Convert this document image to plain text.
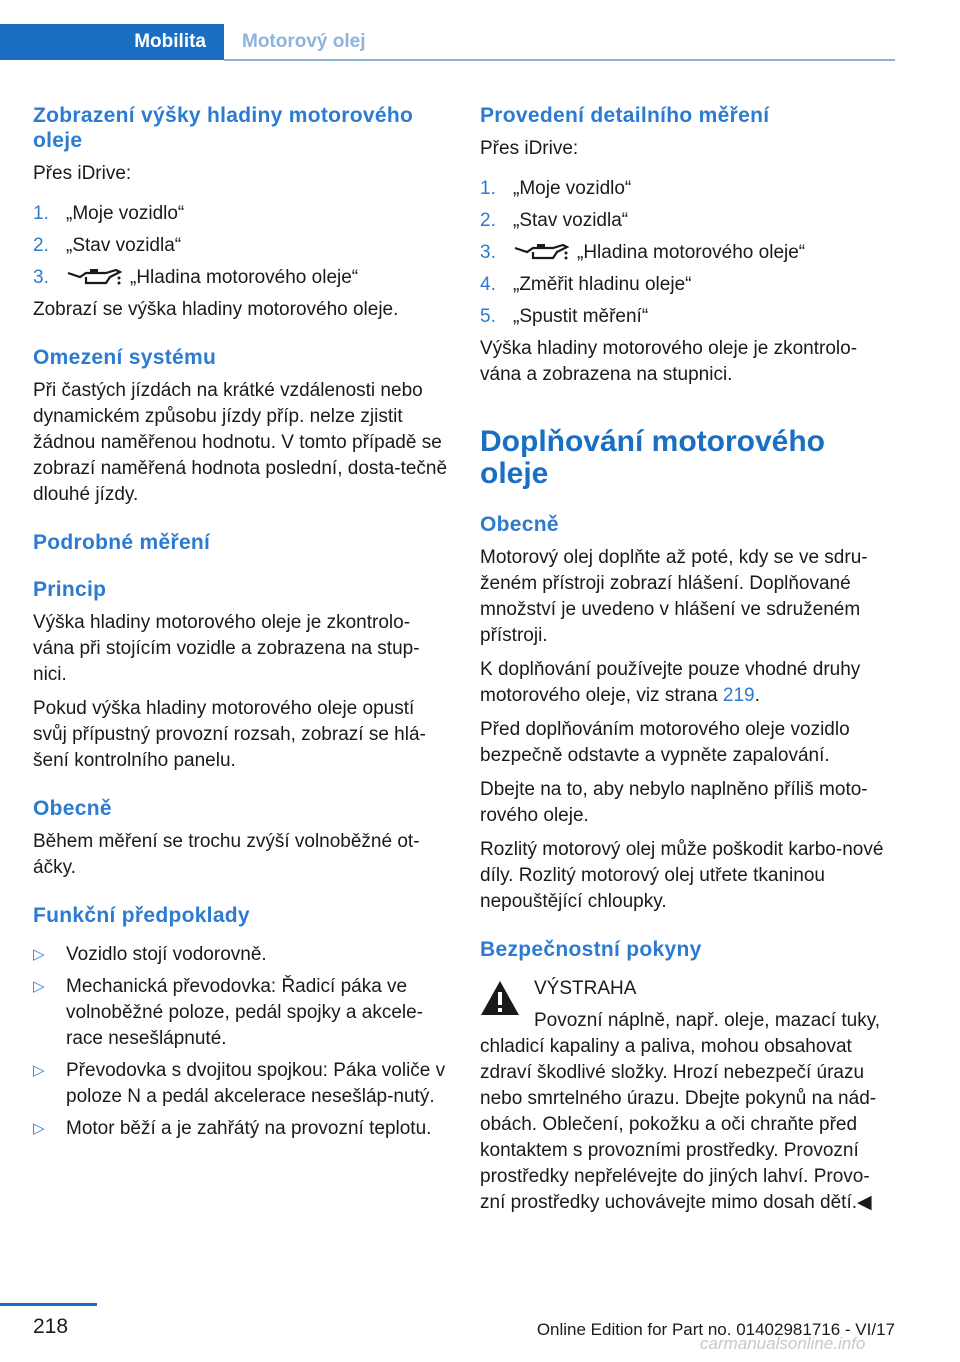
Mobilita	Motorový olej
Zobrazení výšky hladiny motorového oleje

Přes iDrive:

1. „Moje vozidlo“
2. „Stav vozidla“
3.	„Hladina motorového oleje“

Zobrazí se výška hladiny motorového oleje.

Omezení systému

Při častých jízdách na krátké vzdálenosti nebo dynamickém způsobu jízdy příp. nelze zjistit žádnou naměřenou hodnotu. V tomto případě se zobrazí naměřená hodnota poslední, dosta‐tečně dlouhé jízdy.

Podrobné měření
Princip

Výška hladiny motorového oleje je zkontrolo‐vána při stojícím vozidle a zobrazena na stup‐nici.

Pokud výška hladiny motorového oleje opustí svůj přípustný provozní rozsah, zobrazí se hlá‐šení kontrolního panelu.

Obecně

Během měření se trochu zvýší volnoběžné ot‐áčky.

Funkční předpoklady
▷ Vozidlo stojí vodorovně.
▷ Mechanická převodovka: Řadicí páka ve volnoběžné poloze, pedál spojky a akcele‐race nesešlápnuté.
▷ Převodovka s dvojitou spojkou: Páka voliče v poloze N a pedál akcelerace nesešláp‐nutý.
▷ Motor běží a je zahřátý na provozní teplotu.
Provedení detailního měření

Přes iDrive:

1. „Moje vozidlo“
2. „Stav vozidla“
3.	„Hladina motorového oleje“
4. „Změřit hladinu oleje“
5. „Spustit měření“

Výška hladiny motorového oleje je zkontrolo‐vána a zobrazena na stupnici.

Doplňování motorového oleje
Obecně

Motorový olej doplňte až poté, kdy se ve sdru‐ženém přístroji zobrazí hlášení. Doplňované množství je uvedeno v hlášení ve sdruženém přístroji.

K doplňování používejte pouze vhodné druhy motorového oleje, viz strana 219.

Před doplňováním motorového oleje vozidlo bezpečně odstavte a vypněte zapalování.

Dbejte na to, aby nebylo naplněno příliš moto‐rového oleje.

Rozlitý motorový olej může poškodit karbo‐nové díly. Rozlitý motorový olej utřete tkaninou nepouštějící chloupky.

Bezpečnostní pokyny

VÝSTRAHA

Povozní náplně, např. oleje, mazací tuky, chladicí kapaliny a paliva, mohou obsahovat zdraví škodlivé složky. Hrozí nebezpečí úrazu nebo smrtelného úrazu. Dbejte pokynů na nád‐obách. Oblečení, pokožku a oči chraňte před kontaktem s provozními prostředky. Provozní prostředky nepřelévejte do jiných lahví. Provo‐zní prostředky uchovávejte mimo dosah dětí.◀

218	Online Edition for Part no. 01402981716 - VI/17
carmanualsonline.info
